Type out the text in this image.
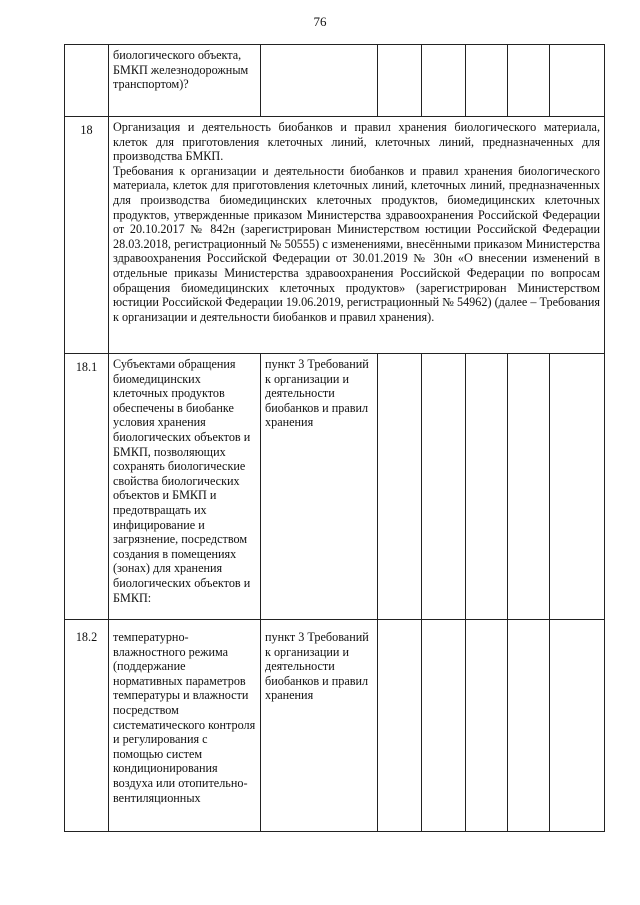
76
	биологического объекта, БМКП железнодорожным транспортом)?						
18	Организация и деятельность биобанков и правил хранения биологического материала, клеток для приготовления клеточных линий, клеточных линий, предназначенных для производства БМКП.

Требования к организации и деятельности биобанков и правил хранения биологического материала, клеток для приготовления клеточных линий, клеточных линий, предназначенных для производства биомедицинских клеточных продуктов, биомедицинских клеточных продуктов, утвержденные приказом Министерства здравоохранения Российской Федерации от 20.10.2017 № 842н (зарегистрирован Министерством юстиции Российской Федерации 28.03.2018, регистрационный № 50555) с изменениями, внесёнными приказом Министерства здравоохранения Российской Федерации от 30.01.2019 № 30н «О внесении изменений в отдельные приказы Министерства здравоохранения Российской Федерации по вопросам обращения биомедицинских клеточных продуктов» (зарегистрирован Министерством юстиции Российской Федерации 19.06.2019, регистрационный № 54962) (далее – Требования к организации и деятельности биобанков и правил хранения).						

18.1	Субъектами обращения биомедицинских клеточных продуктов обеспечены в биобанке условия хранения биологических объектов и БМКП, позволяющих сохранять биологические свойства биологических объектов и БМКП и предотвращать их инфицирование и загрязнение, посредством создания в помещениях (зонах) для хранения биологических объектов и БМКП:	пункт 3 Требований к организации и деятельности биобанков и правил хранения					
18.2	температурно-влажностного режима (поддержание нормативных параметров температуры и влажности посредством систематического контроля и регулирования с помощью систем кондиционирования воздуха или отопительно-вентиляционных	пункт 3 Требований к организации и деятельности биобанков и правил хранения					
